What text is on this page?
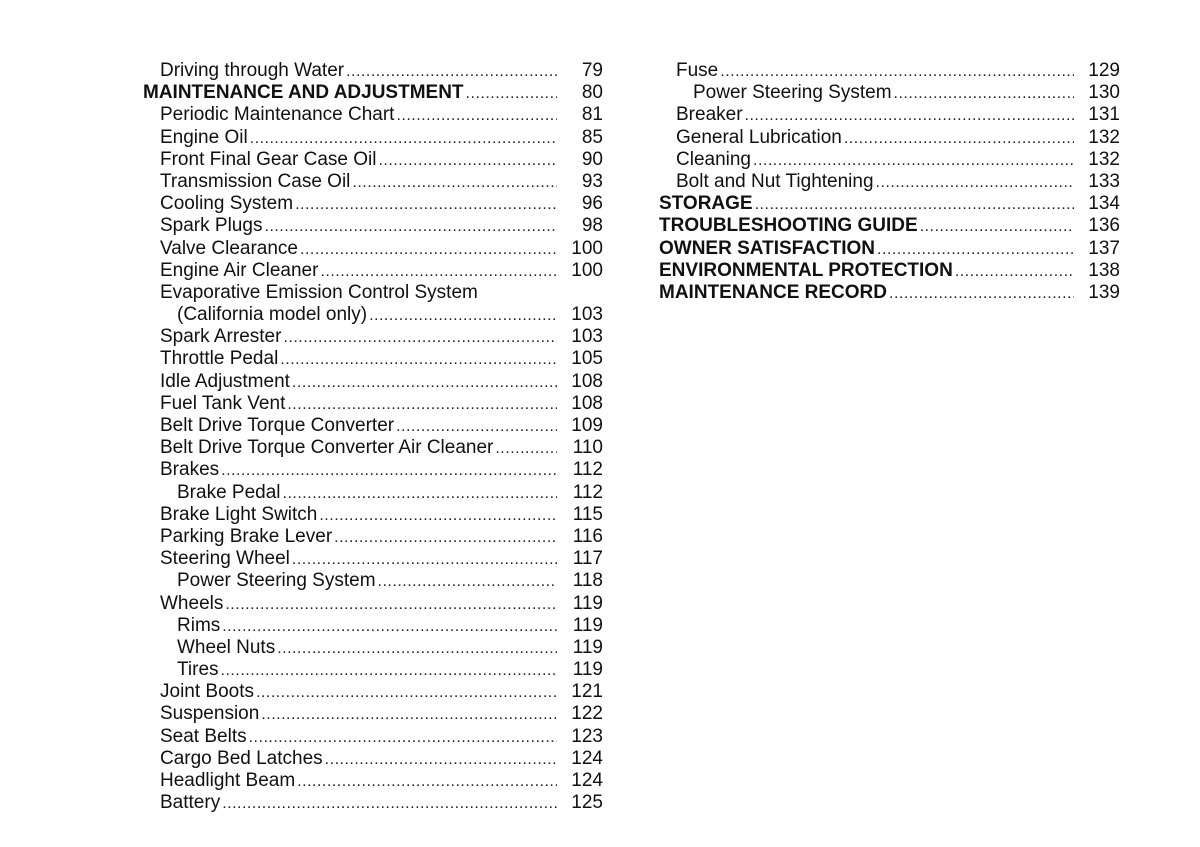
Driving through Water .....	79
MAINTENANCE AND ADJUSTMENT .....	80
Periodic Maintenance Chart .....	81
Engine Oil .....	85
Front Final Gear Case Oil .....	90
Transmission Case Oil .....	93
Cooling System .....	96
Spark Plugs .....	98
Valve Clearance .....	100
Engine Air Cleaner .....	100
Evaporative Emission Control System
(California model only) .....	103
Spark Arrester .....	103
Throttle Pedal .....	105
Idle Adjustment .....	108
Fuel Tank Vent .....	108
Belt Drive Torque Converter .....	109
Belt Drive Torque Converter Air Cleaner .....	110
Brakes .....	112
Brake Pedal .....	112
Brake Light Switch .....	115
Parking Brake Lever .....	116
Steering Wheel .....	117
Power Steering System .....	118
Wheels .....	119
Rims .....	119
Wheel Nuts .....	119
Tires .....	119
Joint Boots .....	121
Suspension .....	122
Seat Belts .....	123
Cargo Bed Latches .....	124
Headlight Beam .....	124
Battery .....	125
Fuse .....	129
Power Steering System .....	130
Breaker .....	131
General Lubrication .....	132
Cleaning .....	132
Bolt and Nut Tightening .....	133
STORAGE .....	134
TROUBLESHOOTING GUIDE .....	136
OWNER SATISFACTION .....	137
ENVIRONMENTAL PROTECTION .....	138
MAINTENANCE RECORD .....	139
